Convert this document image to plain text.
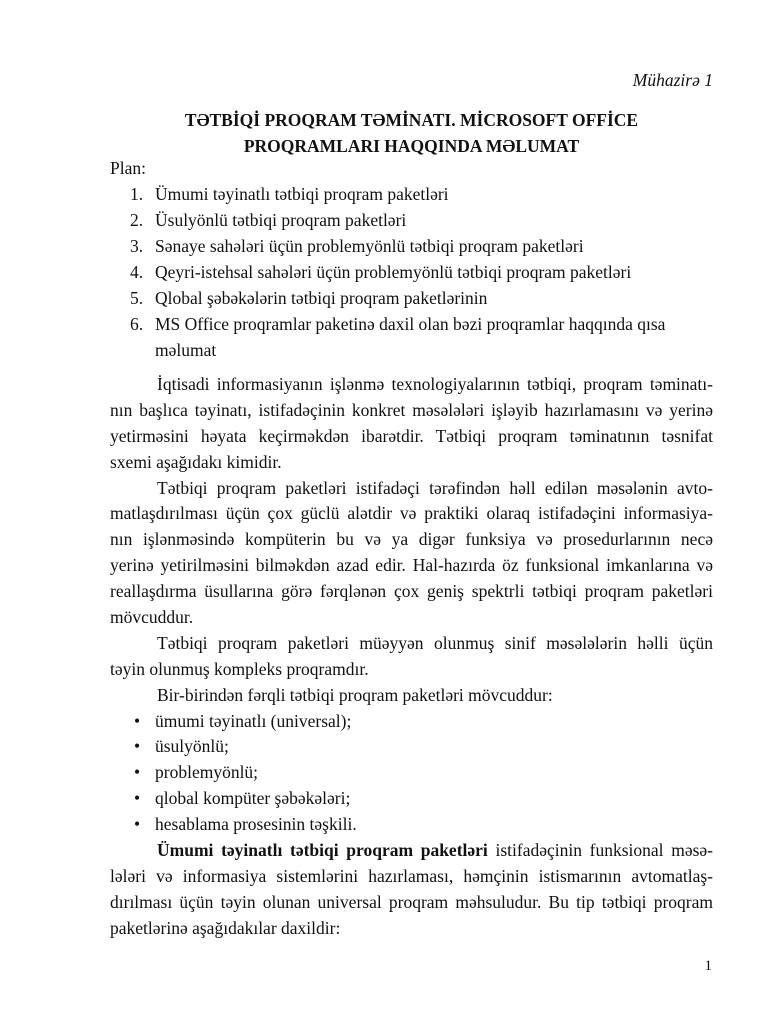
Mühazirə 1
TƏTBİQİ PROQRAM TƏMİNATI. MİCROSOFT OFFİCE
PROQRAMLARI HAQQINDA MƏLUMAT
Plan:
1. Ümumi təyinatlı tətbiqi proqram paketləri
2. Üsulyönlü tətbiqi proqram paketləri
3. Sənaye sahələri üçün problemyönlü tətbiqi proqram paketləri
4. Qeyri-istehsal sahələri üçün problemyönlü tətbiqi proqram paketləri
5. Qlobal şəbəkələrin tətbiqi proqram paketlərinin
6. MS Office proqramlar paketinə daxil olan bəzi proqramlar haqqında qısa
məlumat
İqtisadi informasiyanın işlənmə texnologiyalarının tətbiqi, proqram təminatı-
nın başlıca təyinatı, istifadəçinin konkret məsələləri işləyib hazırlamasını və yerinə
yetirməsini həyata keçirməkdən ibarətdir. Tətbiqi proqram təminatının təsnifat
sxemi aşağıdakı kimidir.
Tətbiqi proqram paketləri istifadəçi tərəfindən həll edilən məsələnin avto-
matlaşdırılması üçün çox güclü alətdir və praktiki olaraq istifadəçini informasiya-
nın işlənməsində kompüterin bu və ya digər funksiya və prosedurlarının necə
yerinə yetirilməsini bilməkdən azad edir. Hal-hazırda öz funksional imkanlarına və
reallaşdırma üsullarına görə fərqlənən çox geniş spektrli tətbiqi proqram paketləri
mövcuddur.
Tətbiqi proqram paketləri müəyyən olunmuş sinif məsələlərin həlli üçün
təyin olunmuş kompleks proqramdır.
Bir-birindən fərqli tətbiqi proqram paketləri mövcuddur:
• ümumi təyinatlı (universal);
• üsulyönlü;
• problemyönlü;
• qlobal kompüter şəbəkələri;
• hesablama prosesinin təşkili.
Ümumi təyinatlı tətbiqi proqram paketləri istifadəçinin funksional məsə-
lələri və informasiya sistemlərini hazırlaması, həmçinin istismarının avtomatlaş-
dırılması üçün təyin olunan universal proqram məhsuludur. Bu tip tətbiqi proqram
paketlərinə aşağıdakılar daxildir:
1
